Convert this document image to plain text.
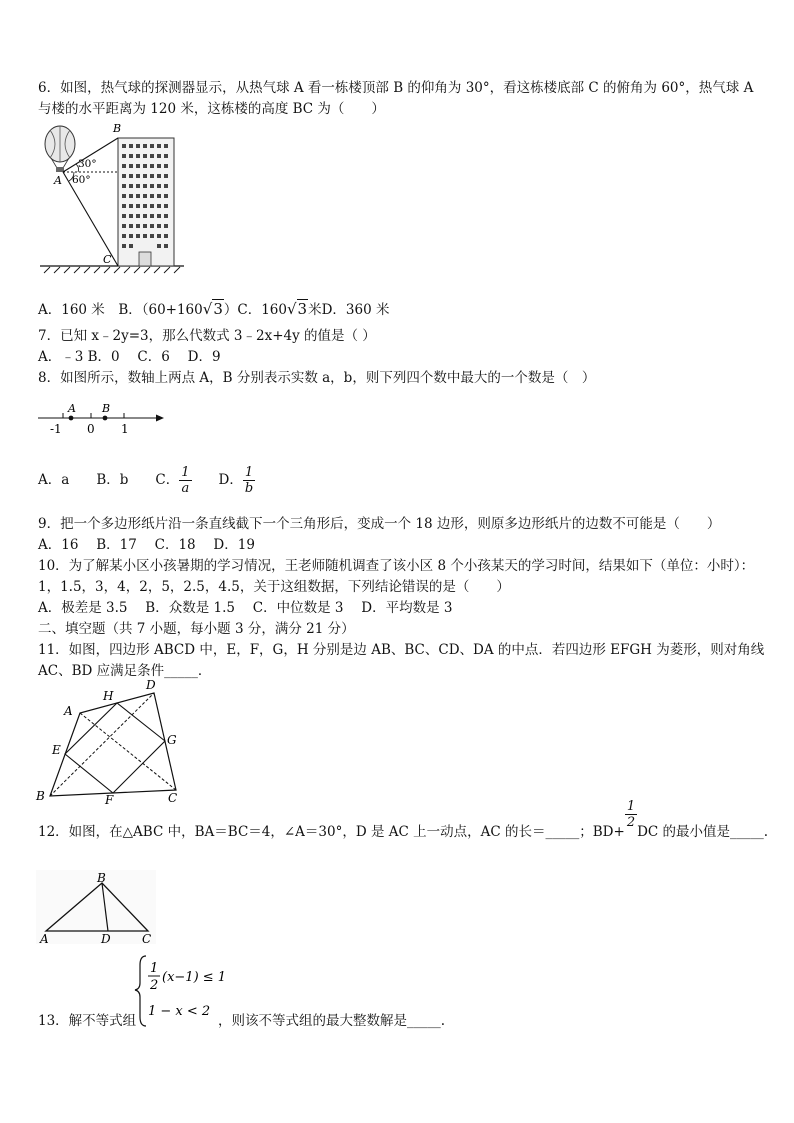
6．如图，热气球的探测器显示，从热气球 A 看一栋楼顶部 B 的仰角为 30°，看这栋楼底部 C 的俯角为 60°，热气球 A
与楼的水平距离为 120 米，这栋楼的高度 BC 为（　　）
30°
60°
A
B
C
A．160 米　 B．（60+160√3）C．160√3米D．360 米
7．已知 x﹣2y=3，那么代数式 3﹣2x+4y 的值是（ ）
A．﹣3 B．0　 C．6　 D．9
8．如图所示，数轴上两点 A，B 分别表示实数 a，b，则下列四个数中最大的一个数是（　）
A B
-1 0 1
A．a　　 B．b　　 C． $\frac{1}{a}$
　　 D． $\frac{1}{b}$
9．把一个多边形纸片沿一条直线截下一个三角形后，变成一个 18 边形，则原多边形纸片的边数不可能是（　　）
A．16　 B．17　 C．18　 D．19
10．为了解某小区小孩暑期的学习情况，王老师随机调查了该小区 8 个小孩某天的学习时间，结果如下（单位：小时）：
1，1.5，3，4，2，5，2.5，4.5，关于这组数据，下列结论错误的是（　　）
A．极差是 3.5　 B．众数是 1.5　 C．中位数是 3　 D．平均数是 3
二、填空题（共 7 小题，每小题 3 分，满分 21 分）
11．如图，四边形 ABCD 中，E，F，G，H 分别是边 AB、BC、CD、DA 的中点．若四边形 EFGH 为菱形，则对角线
AC、BD 应满足条件_____．
A
B	C
D
E
F
G
H
12．如图，在△ABC 中，BA＝BC＝4，∠A＝30°，D 是 AC 上一动点，AC 的长＝_____；BD+
$\frac{1}{2}$
DC 的最小值是_____.
B
A	D	C
13．解不等式组
1
2
(x−1) ≤ 1
1 − x < 2
，则该不等式组的最大整数解是_____.
